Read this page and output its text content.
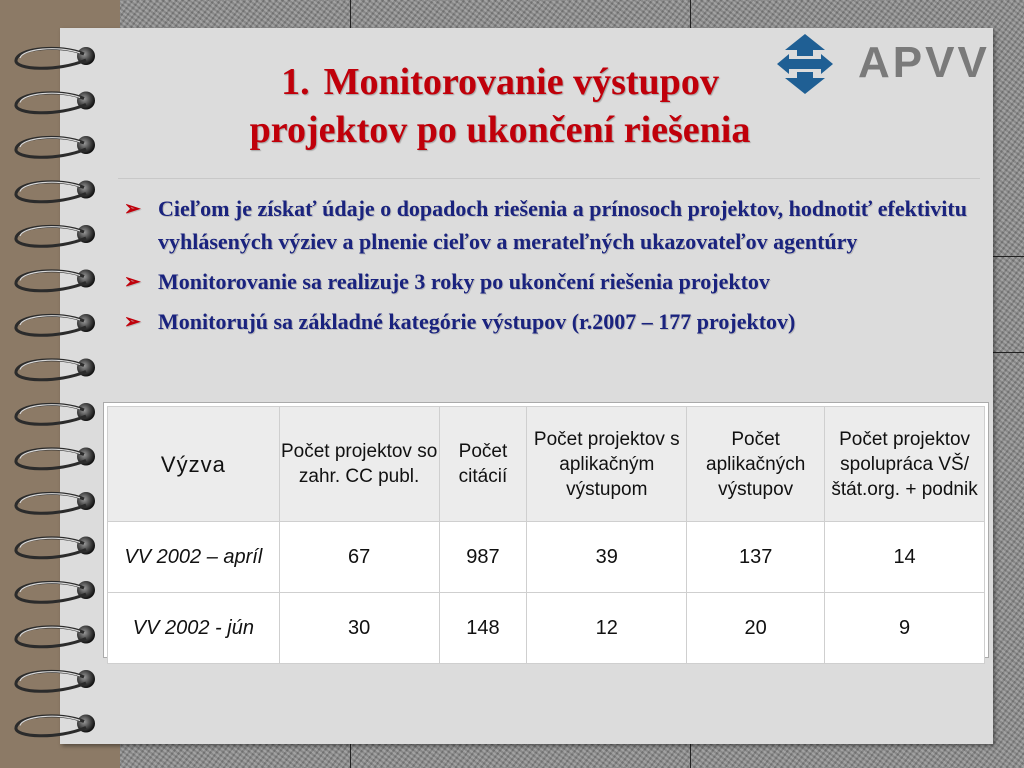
APVV
1. Monitorovanie výstupov
projektov po ukončení riešenia
➢ Cieľom je získať údaje o dopadoch riešenia a prínosoch projektov, hodnotiť efektivitu vyhlásených výziev a plnenie cieľov a merateľných ukazovateľov agentúry
➢ Monitorovanie sa realizuje 3 roky po ukončení riešenia projektov
➢ Monitorujú sa základné kategórie výstupov (r.2007 – 177 projektov)
Výzva	Počet projektov so zahr. CC publ.	Počet citácií	Počet projektov s aplikačným výstupom	Počet aplikačných výstupov	Počet projektov spolupráca VŠ/štát.org. + podnik
VV 2002 – apríl	67	987	39	137	14
VV 2002 - jún	30	148	12	20	9
